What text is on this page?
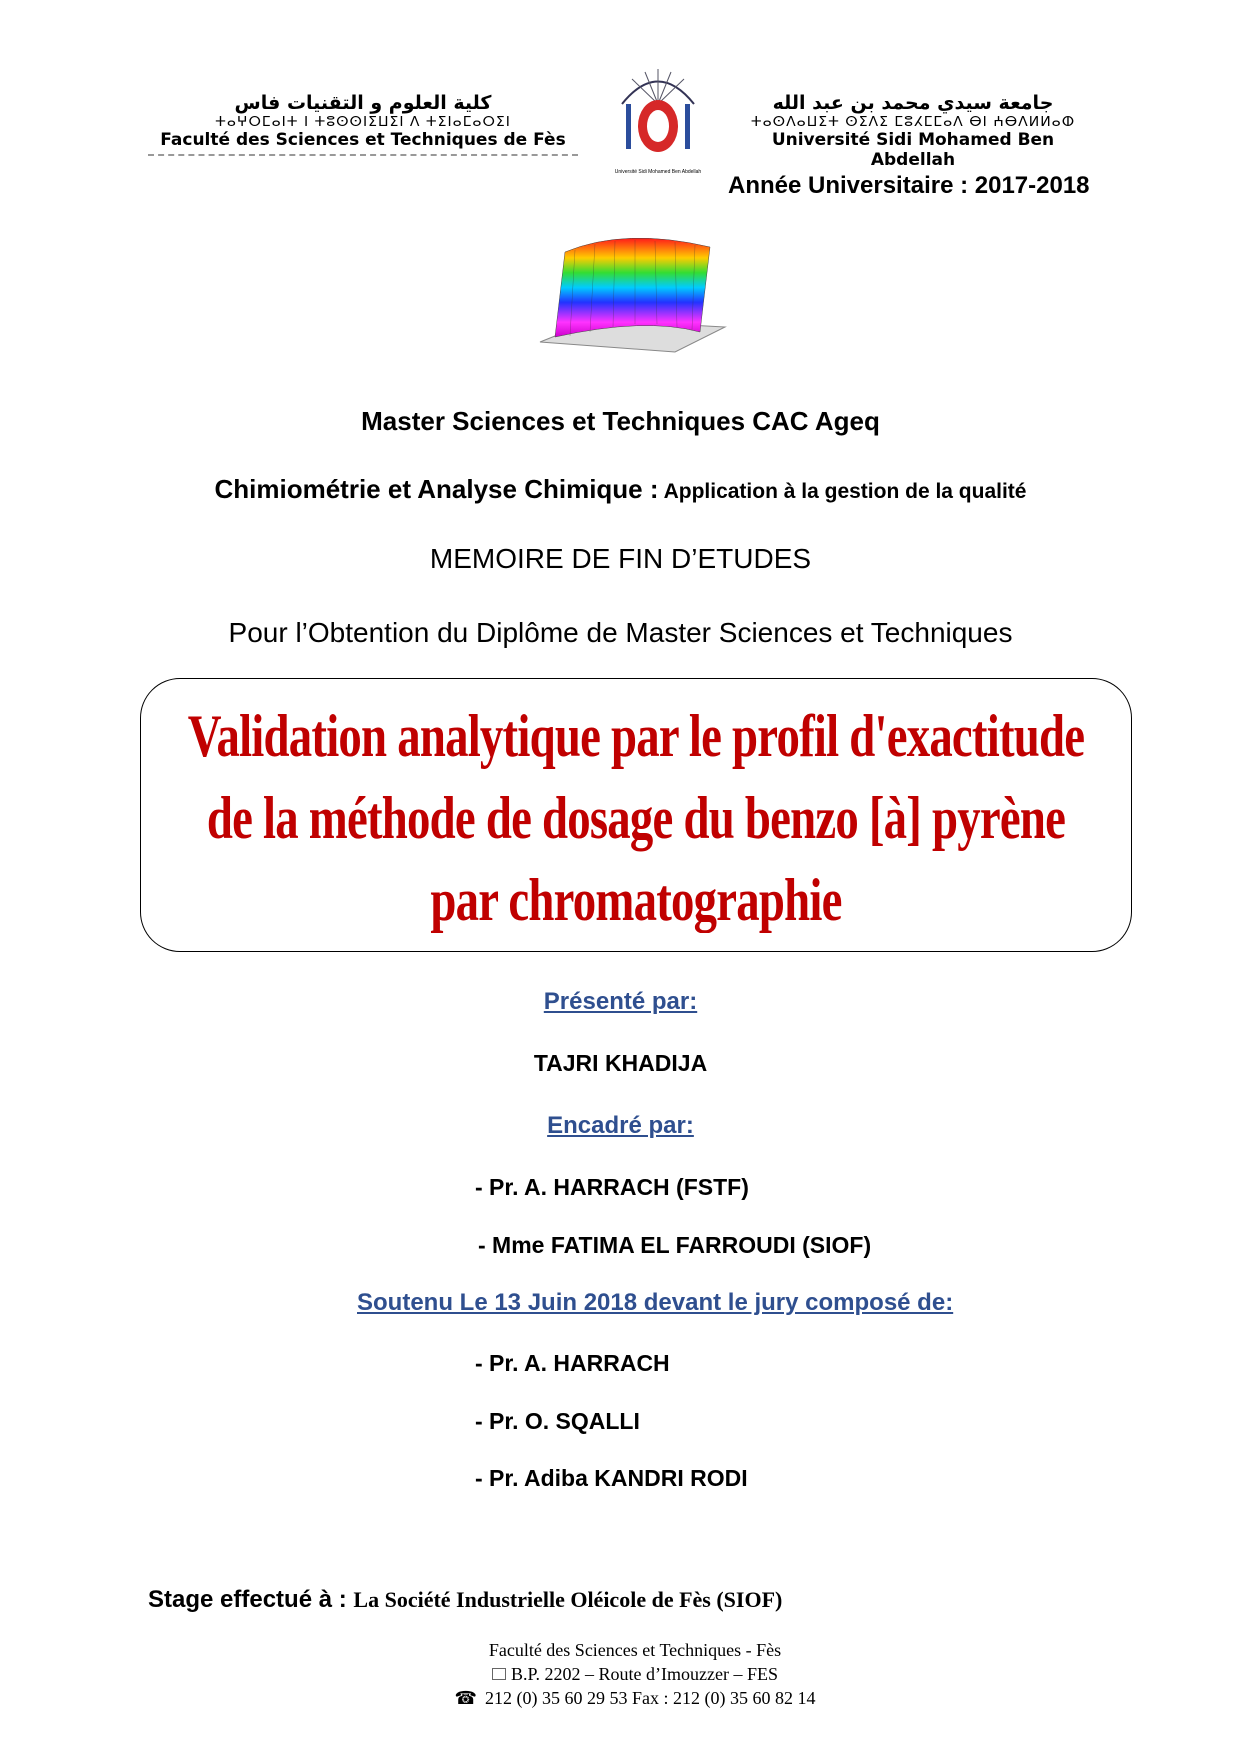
كلية العلوم و التقنيات فاس
ⵜⴰⵖⵔⵎⴰⵏⵜ ⵏ ⵜⵓⵙⵙⵏⵉⵡⵉⵏ ⴷ ⵜⵉⵏⴰⵎⴰⵔⵉⵏ
Faculté des Sciences et Techniques de Fès
Université Sidi Mohamed Ben Abdellah
جامعة سيدي محمد بن عبد الله
ⵜⴰⵙⴷⴰⵡⵉⵜ ⵙⵉⴷⵉ ⵎⵓⵃⵎⵎⴰⴷ ⴱⵏ ⵄⴱⴷⵍⵍⴰⵀ
Université Sidi Mohamed Ben Abdellah
Année Universitaire : 2017-2018
Master Sciences et Techniques CAC Ageq
Chimiométrie et Analyse Chimique : Application à la gestion de la qualité
MEMOIRE DE FIN D’ETUDES
Pour l’Obtention du Diplôme de Master Sciences et Techniques
Validation analytique par le profil d'exactitude
de la méthode de dosage du benzo [à] pyrène
par chromatographie
Présenté par:
TAJRI KHADIJA
Encadré par:
- Pr. A. HARRACH (FSTF)
- Mme FATIMA EL FARROUDI (SIOF)
Soutenu Le 13 Juin 2018 devant le jury composé de:
- Pr. A. HARRACH
- Pr. O. SQALLI
- Pr. Adiba KANDRI RODI
Stage effectué à : La Société Industrielle Oléicole de Fès (SIOF)
Faculté des Sciences et Techniques - Fès
B.P. 2202 – Route d’Imouzzer – FES
☎ 212 (0) 35 60 29 53 Fax : 212 (0) 35 60 82 14
